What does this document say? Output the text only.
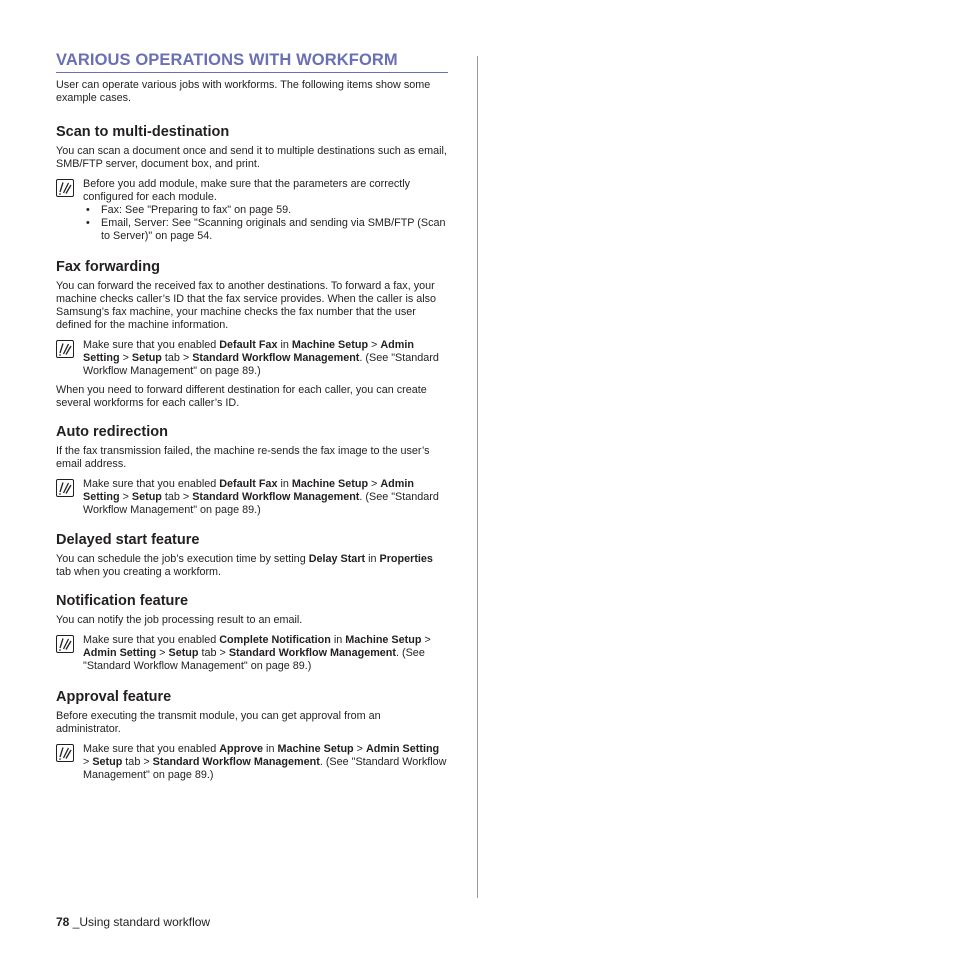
VARIOUS OPERATIONS WITH WORKFORM

User can operate various jobs with workforms. The following items show some example cases.

Scan to multi-destination

You can scan a document once and send it to multiple destinations such as email, SMB/FTP server, document box, and print.

Before you add module, make sure that the parameters are correctly configured for each module.
• Fax: See "Preparing to fax" on page 59.
• Email, Server: See "Scanning originals and sending via SMB/FTP (Scan to Server)" on page 54.
Fax forwarding

You can forward the received fax to another destinations. To forward a fax, your machine checks caller’s ID that the fax service provides. When the caller is also Samsung’s fax machine, your machine checks the fax number that the user defined for the machine information.

Make sure that you enabled Default Fax in Machine Setup > Admin Setting > Setup tab > Standard Workflow Management. (See "Standard Workflow Management" on page 89.)

When you need to forward different destination for each caller, you can create several workforms for each caller’s ID.

Auto redirection

If the fax transmission failed, the machine re-sends the fax image to the user’s email address.

Make sure that you enabled Default Fax in Machine Setup > Admin Setting > Setup tab > Standard Workflow Management. (See "Standard Workflow Management" on page 89.)
Delayed start feature

You can schedule the job’s execution time by setting Delay Start in Properties tab when you creating a workform.

Notification feature

You can notify the job processing result to an email.

Make sure that you enabled Complete Notification in Machine Setup > Admin Setting > Setup tab > Standard Workflow Management. (See "Standard Workflow Management" on page 89.)
Approval feature

Before executing the transmit module, you can get approval from an administrator.

Make sure that you enabled Approve in Machine Setup > Admin Setting > Setup tab > Standard Workflow Management. (See "Standard Workflow Management" on page 89.)
78 _Using standard workflow
